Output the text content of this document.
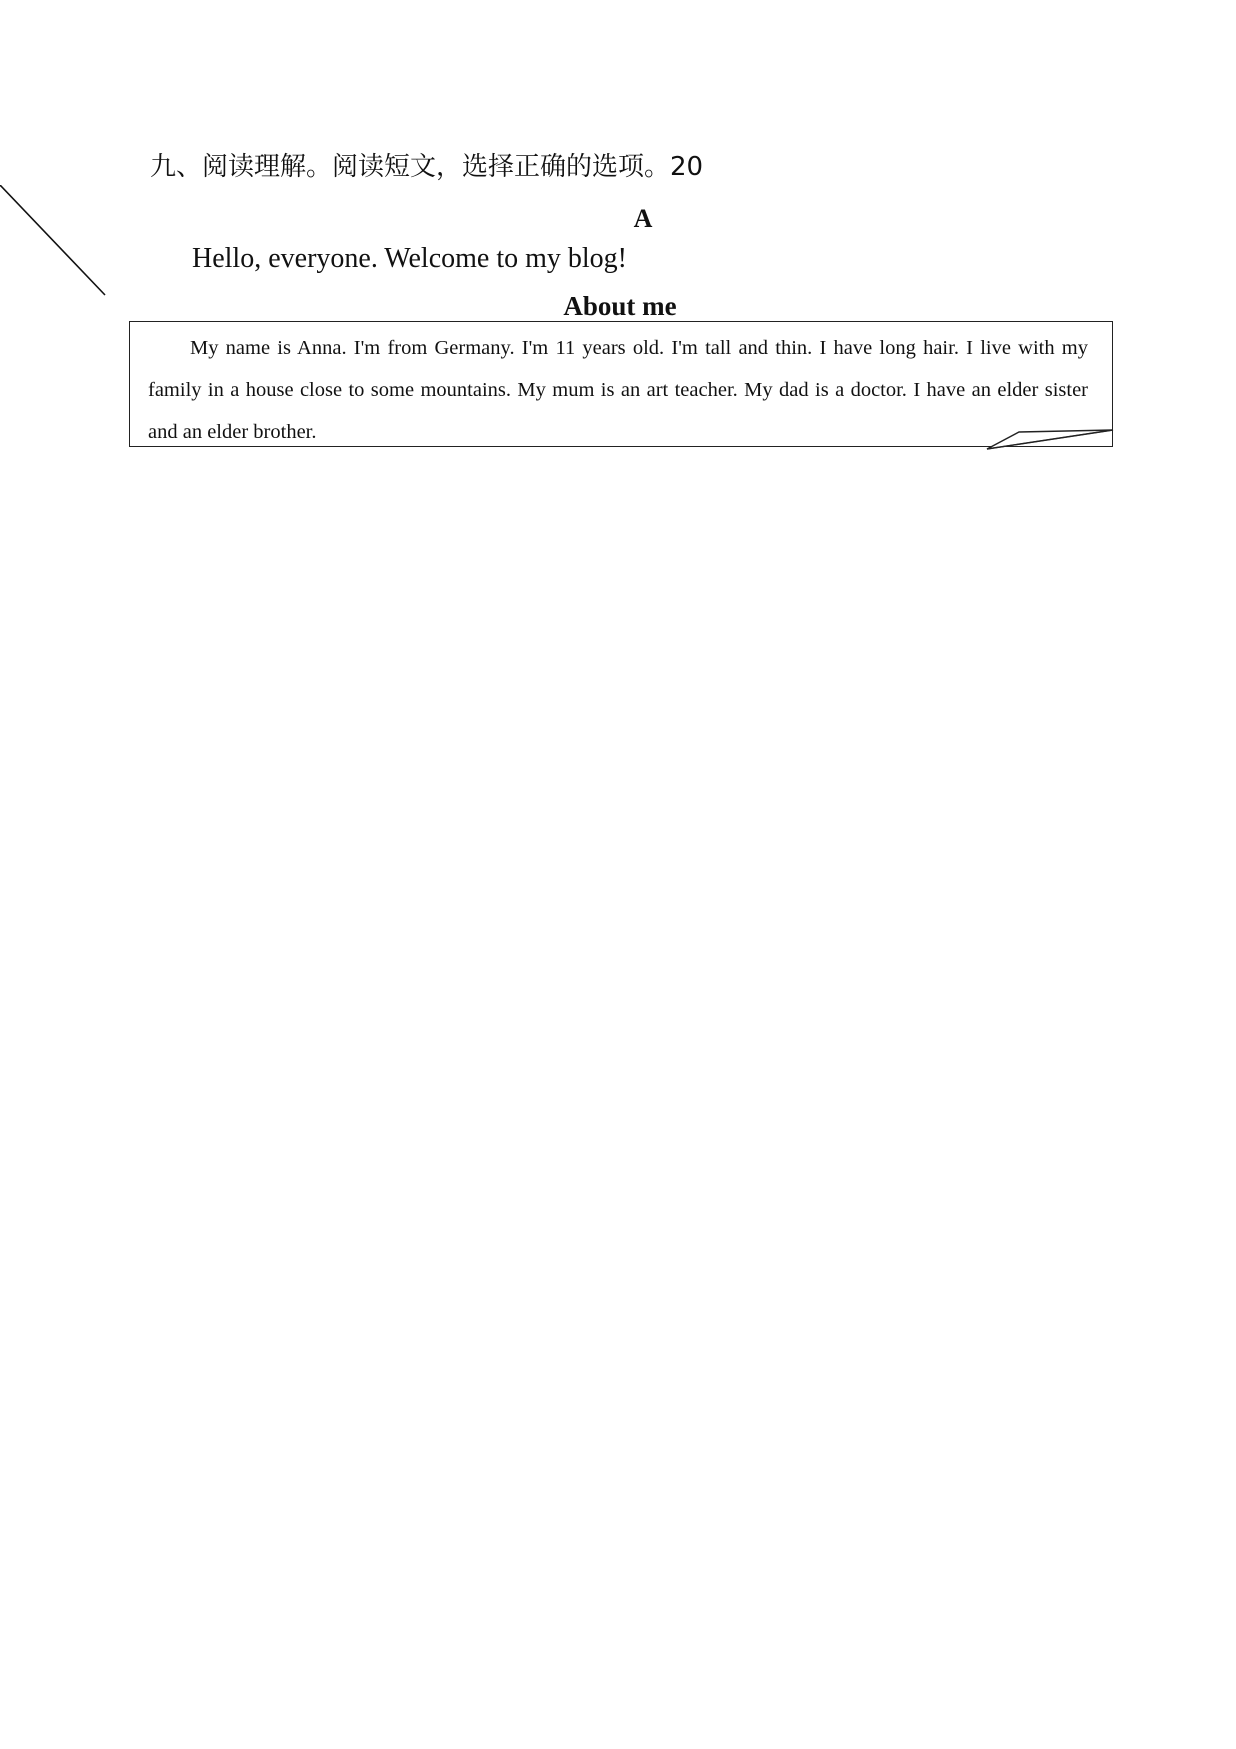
九、阅读理解。阅读短文，选择正确的选项。20
A
Hello, everyone. Welcome to my blog!
About me

My name is Anna. I'm from Germany. I'm 11 years old. I'm tall and thin. I have long hair. I live with my family in a house close to some mountains. My mum is an art teacher. My dad is a doctor. I have an elder sister and an elder brother.
